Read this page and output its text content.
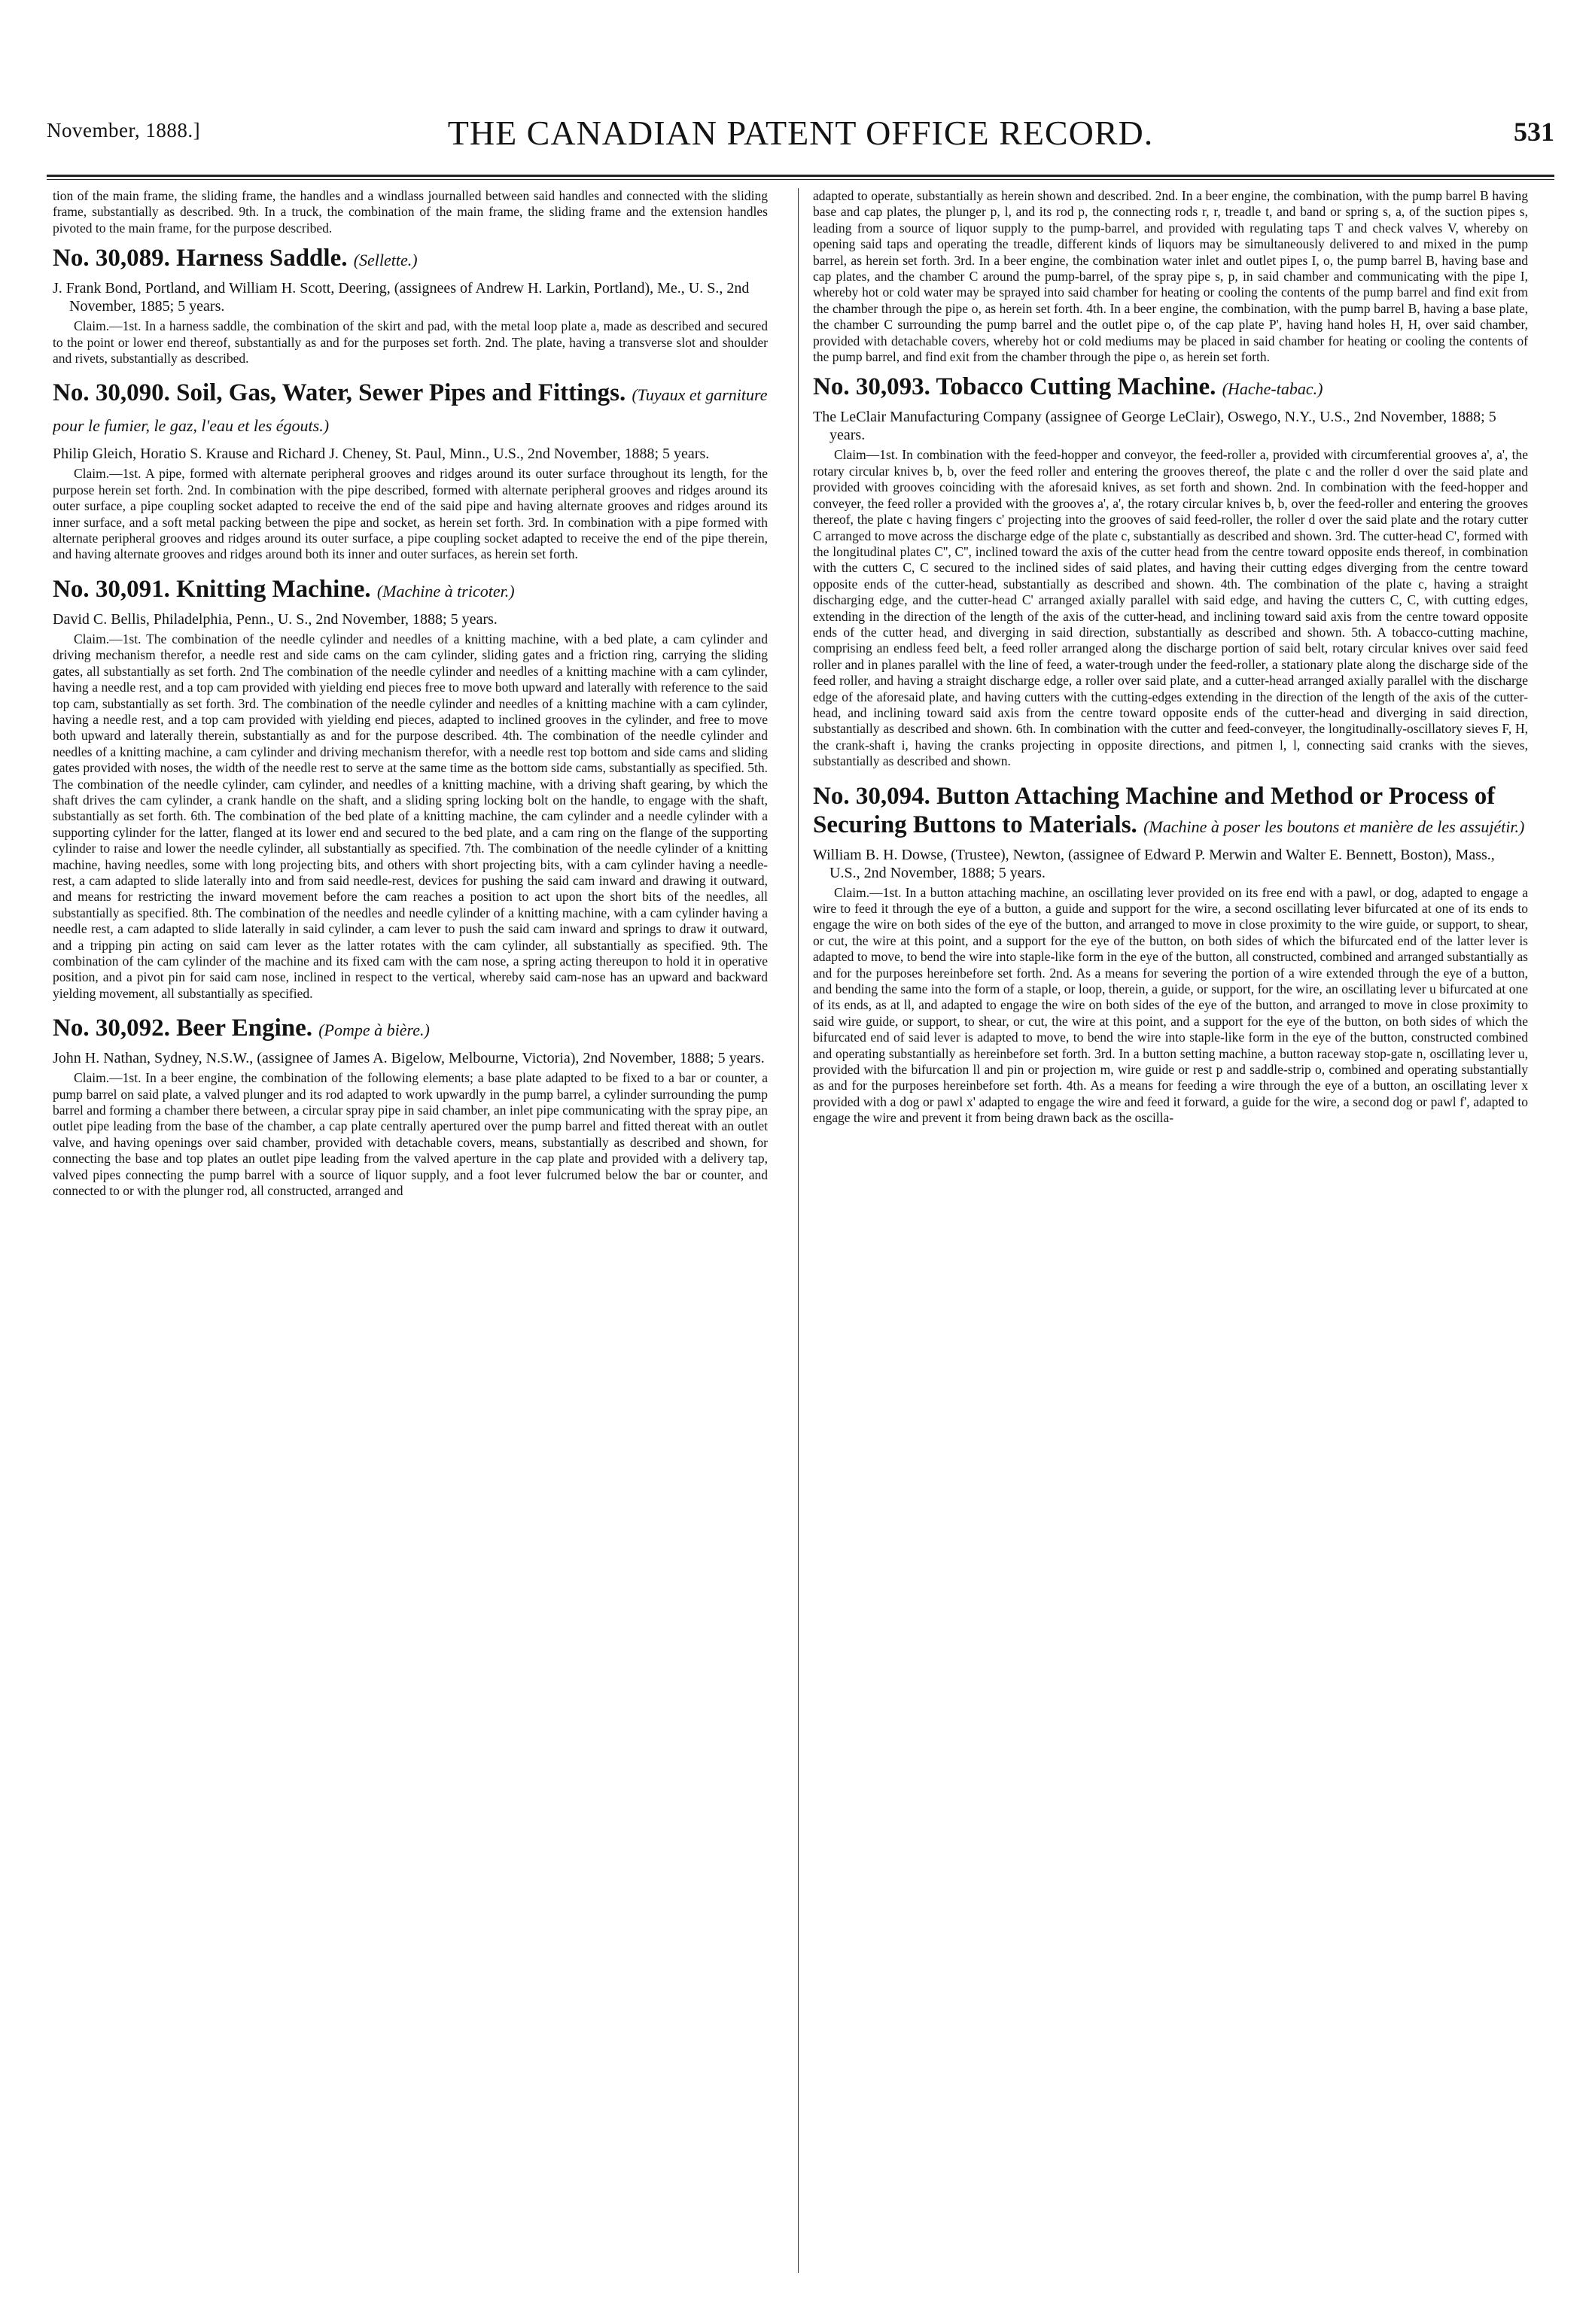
November, 1888.]	THE CANADIAN PATENT OFFICE RECORD.	531
tion of the main frame, the sliding frame, the handles and a windlass journalled between said handles and connected with the sliding frame, substantially as described. 9th. In a truck, the combination of the main frame, the sliding frame and the extension handles pivoted to the main frame, for the purpose described.
No. 30,089. Harness Saddle. (Sellette.)
J. Frank Bond, Portland, and William H. Scott, Deering, (assignees of Andrew H. Larkin, Portland), Me., U. S., 2nd November, 1885; 5 years.
Claim.—1st. In a harness saddle, the combination of the skirt and pad, with the metal loop plate a, made as described and secured to the point or lower end thereof, substantially as and for the purposes set forth. 2nd. The plate, having a transverse slot and shoulder and rivets, substantially as described.
No. 30,090. Soil, Gas, Water, Sewer Pipes and Fittings. (Tuyaux et garniture pour le fumier, le gaz, l'eau et les égouts.)
Philip Gleich, Horatio S. Krause and Richard J. Cheney, St. Paul, Minn., U.S., 2nd November, 1888; 5 years.
Claim.—1st. A pipe, formed with alternate peripheral grooves and ridges around its outer surface throughout its length, for the purpose herein set forth. 2nd. In combination with the pipe described, formed with alternate peripheral grooves and ridges around its outer surface, a pipe coupling socket adapted to receive the end of the said pipe and having alternate grooves and ridges around its inner surface, and a soft metal packing between the pipe and socket, as herein set forth. 3rd. In combination with a pipe formed with alternate peripheral grooves and ridges around its outer surface, a pipe coupling socket adapted to receive the end of the pipe therein, and having alternate grooves and ridges around both its inner and outer surfaces, as herein set forth.
No. 30,091. Knitting Machine. (Machine à tricoter.)
David C. Bellis, Philadelphia, Penn., U. S., 2nd November, 1888; 5 years.
Claim.—1st. The combination of the needle cylinder and needles of a knitting machine, with a bed plate, a cam cylinder and driving mechanism therefor, a needle rest and side cams on the cam cylinder, sliding gates and a friction ring, carrying the sliding gates, all substantially as set forth. 2nd The combination of the needle cylinder and needles of a knitting machine with a cam cylinder, having a needle rest, and a top cam provided with yielding end pieces free to move both upward and laterally with reference to the said top cam, substantially as set forth. 3rd. The combination of the needle cylinder and needles of a knitting machine with a cam cylinder, having a needle rest, and a top cam provided with yielding end pieces, adapted to inclined grooves in the cylinder, and free to move both upward and laterally therein, substantially as and for the purpose described. 4th. The combination of the needle cylinder and needles of a knitting machine, a cam cylinder and driving mechanism therefor, with a needle rest top bottom and side cams and sliding gates provided with noses, the width of the needle rest to serve at the same time as the bottom side cams, substantially as specified. 5th. The combination of the needle cylinder, cam cylinder, and needles of a knitting machine, with a driving shaft gearing, by which the shaft drives the cam cylinder, a crank handle on the shaft, and a sliding spring locking bolt on the handle, to engage with the shaft, substantially as set forth. 6th. The combination of the bed plate of a knitting machine, the cam cylinder and a needle cylinder with a supporting cylinder for the latter, flanged at its lower end and secured to the bed plate, and a cam ring on the flange of the supporting cylinder to raise and lower the needle cylinder, all substantially as specified. 7th. The combination of the needle cylinder of a knitting machine, having needles, some with long projecting bits, and others with short projecting bits, with a cam cylinder having a needle-rest, a cam adapted to slide laterally into and from said needle-rest, devices for pushing the said cam inward and drawing it outward, and means for restricting the inward movement before the cam reaches a position to act upon the short bits of the needles, all substantially as specified. 8th. The combination of the needles and needle cylinder of a knitting machine, with a cam cylinder having a needle rest, a cam adapted to slide laterally in said cylinder, a cam lever to push the said cam inward and springs to draw it outward, and a tripping pin acting on said cam lever as the latter rotates with the cam cylinder, all substantially as specified. 9th. The combination of the cam cylinder of the machine and its fixed cam with the cam nose, a spring acting thereupon to hold it in operative position, and a pivot pin for said cam nose, inclined in respect to the vertical, whereby said cam-nose has an upward and backward yielding movement, all substantially as specified.
No. 30,092. Beer Engine. (Pompe à bière.)
John H. Nathan, Sydney, N.S.W., (assignee of James A. Bigelow, Melbourne, Victoria), 2nd November, 1888; 5 years.
Claim.—1st. In a beer engine, the combination of the following elements; a base plate adapted to be fixed to a bar or counter, a pump barrel on said plate, a valved plunger and its rod adapted to work upwardly in the pump barrel, a cylinder surrounding the pump barrel and forming a chamber there between, a circular spray pipe in said chamber, an inlet pipe communicating with the spray pipe, an outlet pipe leading from the base of the chamber, a cap plate centrally apertured over the pump barrel and fitted thereat with an outlet valve, and having openings over said chamber, provided with detachable covers, means, substantially as described and shown, for connecting the base and top plates an outlet pipe leading from the valved aperture in the cap plate and provided with a delivery tap, valved pipes connecting the pump barrel with a source of liquor supply, and a foot lever fulcrumed below the bar or counter, and connected to or with the plunger rod, all constructed, arranged and
adapted to operate, substantially as herein shown and described. 2nd. In a beer engine, the combination, with the pump barrel B having base and cap plates, the plunger p, l, and its rod p, the connecting rods r, r, treadle t, and band or spring s, a, of the suction pipes s, leading from a source of liquor supply to the pump-barrel, and provided with regulating taps T and check valves V, whereby on opening said taps and operating the treadle, different kinds of liquors may be simultaneously delivered to and mixed in the pump barrel, as herein set forth. 3rd. In a beer engine, the combination water inlet and outlet pipes I, o, the pump barrel B, having base and cap plates, and the chamber C around the pump-barrel, of the spray pipe s, p, in said chamber and communicating with the pipe I, whereby hot or cold water may be sprayed into said chamber for heating or cooling the contents of the pump barrel and find exit from the chamber through the pipe o, as herein set forth. 4th. In a beer engine, the combination, with the pump barrel B, having a base plate, the chamber C surrounding the pump barrel and the outlet pipe o, of the cap plate P', having hand holes H, H, over said chamber, provided with detachable covers, whereby hot or cold mediums may be placed in said chamber for heating or cooling the contents of the pump barrel, and find exit from the chamber through the pipe o, as herein set forth.
No. 30,093. Tobacco Cutting Machine. (Hache-tabac.)
The LeClair Manufacturing Company (assignee of George LeClair), Oswego, N.Y., U.S., 2nd November, 1888; 5 years.
Claim—1st. In combination with the feed-hopper and conveyor, the feed-roller a, provided with circumferential grooves a', a', the rotary circular knives b, b, over the feed roller and entering the grooves thereof, the plate c and the roller d over the said plate and provided with grooves coinciding with the aforesaid knives, as set forth and shown. 2nd. In combination with the feed-hopper and conveyer, the feed roller a provided with the grooves a', a', the rotary circular knives b, b, over the feed-roller and entering the grooves thereof, the plate c having fingers c' projecting into the grooves of said feed-roller, the roller d over the said plate and the rotary cutter C arranged to move across the discharge edge of the plate c, substantially as described and shown. 3rd. The cutter-head C', formed with the longitudinal plates C'', C'', inclined toward the axis of the cutter head from the centre toward opposite ends thereof, in combination with the cutters C, C secured to the inclined sides of said plates, and having their cutting edges diverging from the centre toward opposite ends of the cutter-head, substantially as described and shown. 4th. The combination of the plate c, having a straight discharging edge, and the cutter-head C' arranged axially parallel with said edge, and having the cutters C, C, with cutting edges, extending in the direction of the length of the axis of the cutter-head, and inclining toward said axis from the centre toward opposite ends of the cutter head, and diverging in said direction, substantially as described and shown. 5th. A tobacco-cutting machine, comprising an endless feed belt, a feed roller arranged along the discharge portion of said belt, rotary circular knives over said feed roller and in planes parallel with the line of feed, a water-trough under the feed-roller, a stationary plate along the discharge side of the feed roller, and having a straight discharge edge, a roller over said plate, and a cutter-head arranged axially parallel with the discharge edge of the aforesaid plate, and having cutters with the cutting-edges extending in the direction of the length of the axis of the cutter-head, and inclining toward said axis from the centre toward opposite ends of the cutter-head and diverging in said direction, substantially as described and shown. 6th. In combination with the cutter and feed-conveyer, the longitudinally-oscillatory sieves F, H, the crank-shaft i, having the cranks projecting in opposite directions, and pitmen l, l, connecting said cranks with the sieves, substantially as described and shown.
No. 30,094. Button Attaching Machine and Method or Process of Securing Buttons to Materials. (Machine à poser les boutons et manière de les assujétir.)
William B. H. Dowse, (Trustee), Newton, (assignee of Edward P. Merwin and Walter E. Bennett, Boston), Mass., U.S., 2nd November, 1888; 5 years.
Claim.—1st. In a button attaching machine, an oscillating lever provided on its free end with a pawl, or dog, adapted to engage a wire to feed it through the eye of a button, a guide and support for the wire, a second oscillating lever bifurcated at one of its ends to engage the wire on both sides of the eye of the button, and arranged to move in close proximity to the wire guide, or support, to shear, or cut, the wire at this point, and a support for the eye of the button, on both sides of which the bifurcated end of the latter lever is adapted to move, to bend the wire into staple-like form in the eye of the button, all constructed, combined and arranged substantially as and for the purposes hereinbefore set forth. 2nd. As a means for severing the portion of a wire extended through the eye of a button, and bending the same into the form of a staple, or loop, therein, a guide, or support, for the wire, an oscillating lever u bifurcated at one of its ends, as at ll, and adapted to engage the wire on both sides of the eye of the button, and arranged to move in close proximity to said wire guide, or support, to shear, or cut, the wire at this point, and a support for the eye of the button, on both sides of which the bifurcated end of said lever is adapted to move, to bend the wire into staple-like form in the eye of the button, constructed combined and operating substantially as hereinbefore set forth. 3rd. In a button setting machine, a button raceway stop-gate n, oscillating lever u, provided with the bifurcation ll and pin or projection m, wire guide or rest p and saddle-strip o, combined and operating substantially as and for the purposes hereinbefore set forth. 4th. As a means for feeding a wire through the eye of a button, an oscillating lever x provided with a dog or pawl x' adapted to engage the wire and feed it forward, a guide for the wire, a second dog or pawl f', adapted to engage the wire and prevent it from being drawn back as the oscilla-
